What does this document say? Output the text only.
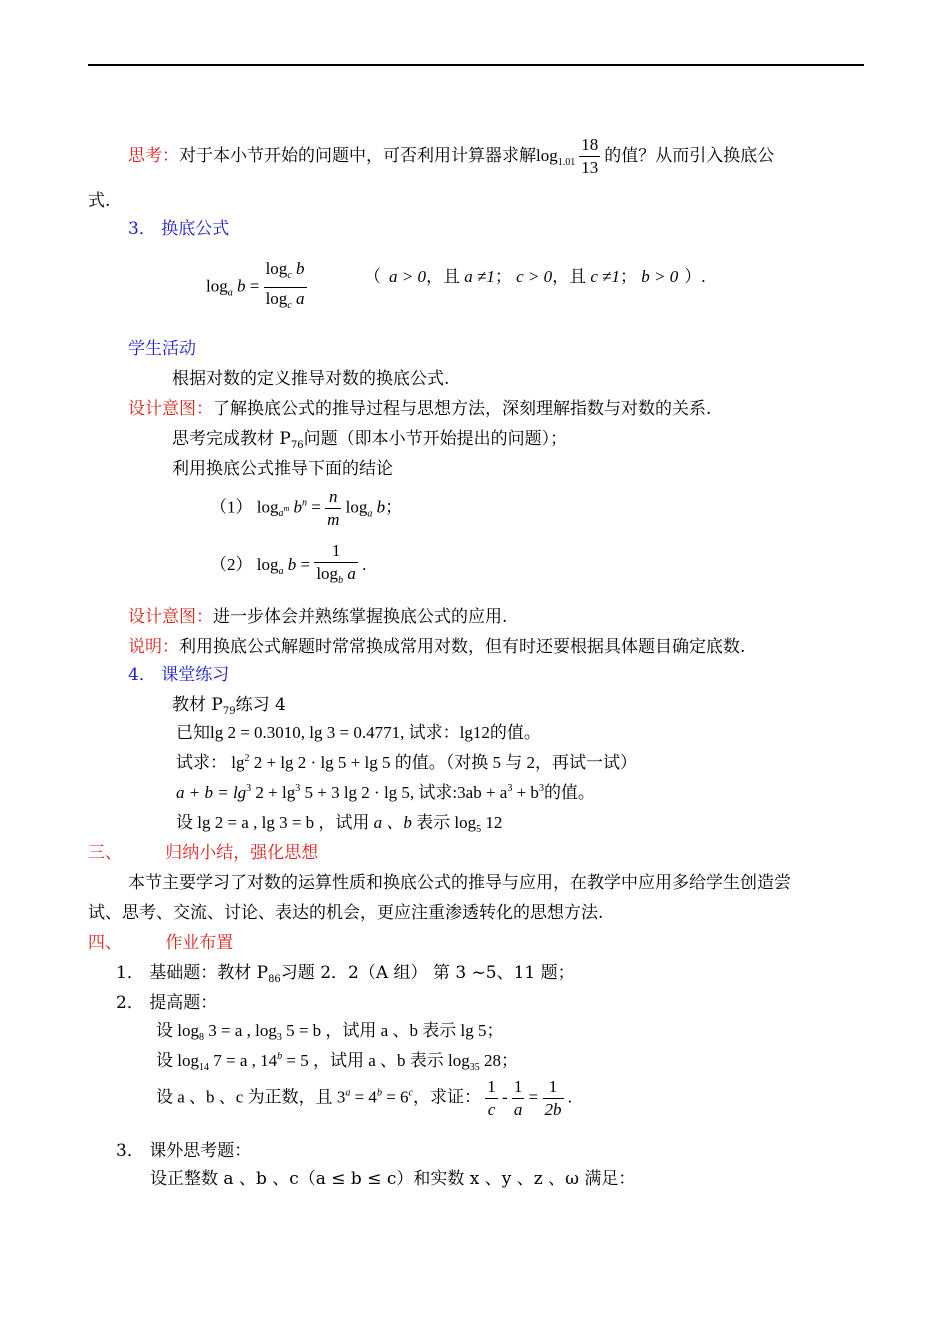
思考：对于本小节开始的问题中，可否利用计算器求解$\log_{1.01} \frac{18}{13}$ 的值？从而引入换底公
式.
3． 换底公式
$\log_a b = \frac{\log_c b}{\log_c a}$	（ a > 0，且 a ≠1； c > 0，且 c ≠1； b > 0 ）.
学生活动
根据对数的定义推导对数的换底公式.
设计意图：了解换底公式的推导过程与思想方法，深刻理解指数与对数的关系.
思考完成教材 $P_{76}$问题（即本小节开始提出的问题）；
利用换底公式推导下面的结论
（1） $\log_{a^m} b^n = \frac{n}{m} \log_a b$；
（2） $\log_a b = \frac{1}{\log_b a}$ .
设计意图：进一步体会并熟练掌握换底公式的应用.
说明：利用换底公式解题时常常换成常用对数，但有时还要根据具体题目确定底数.
4． 课堂练习
教材 $P_{79}$练习 4
已知lg 2 = 0.3010, lg 3 = 0.4771, 试求：lg12的值。
试求： $\lg^2 2 + \lg 2 \cdot \lg 5 + \lg 5$ 的值。（对换 5 与 2，再试一试）
$a + b = \lg^3 2 + \lg^3 5 + 3$ lg 2 · lg 5, 试求:3ab + $a^3 + b^3$的值。
设 lg 2 = a , lg 3 = b ，试用 a 、b 表示 $\log_5 12$
三、        归纳小结，强化思想
本节主要学习了对数的运算性质和换底公式的推导与应用，在教学中应用多给学生创造尝
试、思考、交流、讨论、表达的机会，更应注重渗透转化的思想方法.
四、        作业布置
1． 基础题：教材 $P_{86}$习题 2．2（A 组） 第 3 ~5、11 题；
2． 提高题：
设 $\log_8 3 = a$ , $\log_3 5 = b$ ，试用 a 、b 表示 lg 5；
设 $\log_{14} 7 = a$ , $14^b = 5$ ，试用 a 、b 表示 $\log_{35} 28$；
设 a 、b 、c 为正数，且 $3^a = 4^b = 6^c$，求证： $\frac{1}{c} - \frac{1}{a} = \frac{1}{2b}$ .
3． 课外思考题：
设正整数 a 、b 、c（a ≤ b ≤ c）和实数 x 、y 、z 、ω 满足：
